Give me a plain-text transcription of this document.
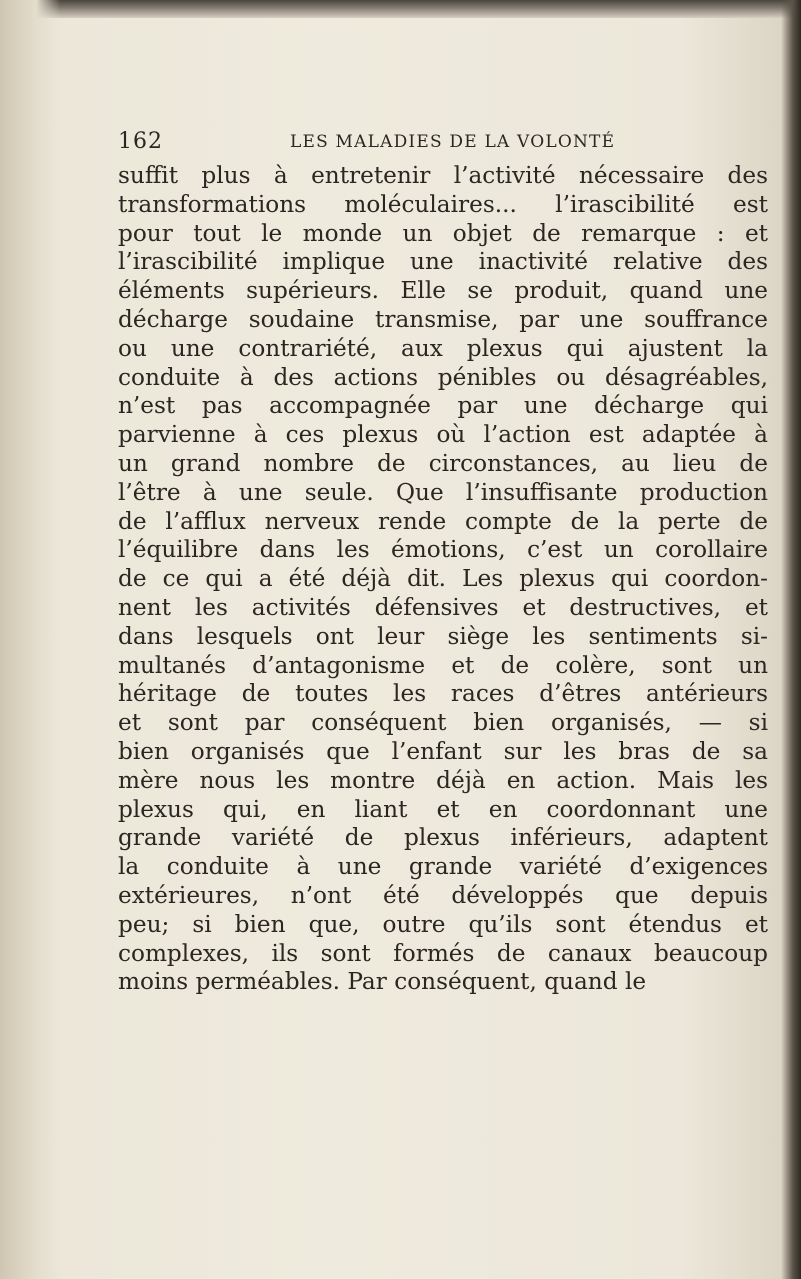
162	LES MALADIES DE LA VOLONTÉ
suffit plus à entretenir l’activité nécessaire des
transformations moléculaires... l’irascibilité est
pour tout le monde un objet de remarque : et
l’irascibilité implique une inactivité relative des
éléments supérieurs. Elle se produit, quand une
décharge soudaine transmise, par une souffrance
ou une contrariété, aux plexus qui ajustent la
conduite à des actions pénibles ou désagréables,
n’est pas accompagnée par une décharge qui
parvienne à ces plexus où l’action est adaptée à
un grand nombre de circonstances, au lieu de
l’être à une seule. Que l’insuffisante production
de l’afflux nerveux rende compte de la perte de
l’équilibre dans les émotions, c’est un corollaire
de ce qui a été déjà dit. Les plexus qui coordon-
nent les activités défensives et destructives, et
dans lesquels ont leur siège les sentiments si-
multanés d’antagonisme et de colère, sont un
héritage de toutes les races d’êtres antérieurs
et sont par conséquent bien organisés, — si
bien organisés que l’enfant sur les bras de sa
mère nous les montre déjà en action. Mais les
plexus qui, en liant et en coordonnant une
grande variété de plexus inférieurs, adaptent
la conduite à une grande variété d’exigences
extérieures, n’ont été développés que depuis
peu; si bien que, outre qu’ils sont étendus et
complexes, ils sont formés de canaux beaucoup
moins perméables. Par conséquent, quand le
